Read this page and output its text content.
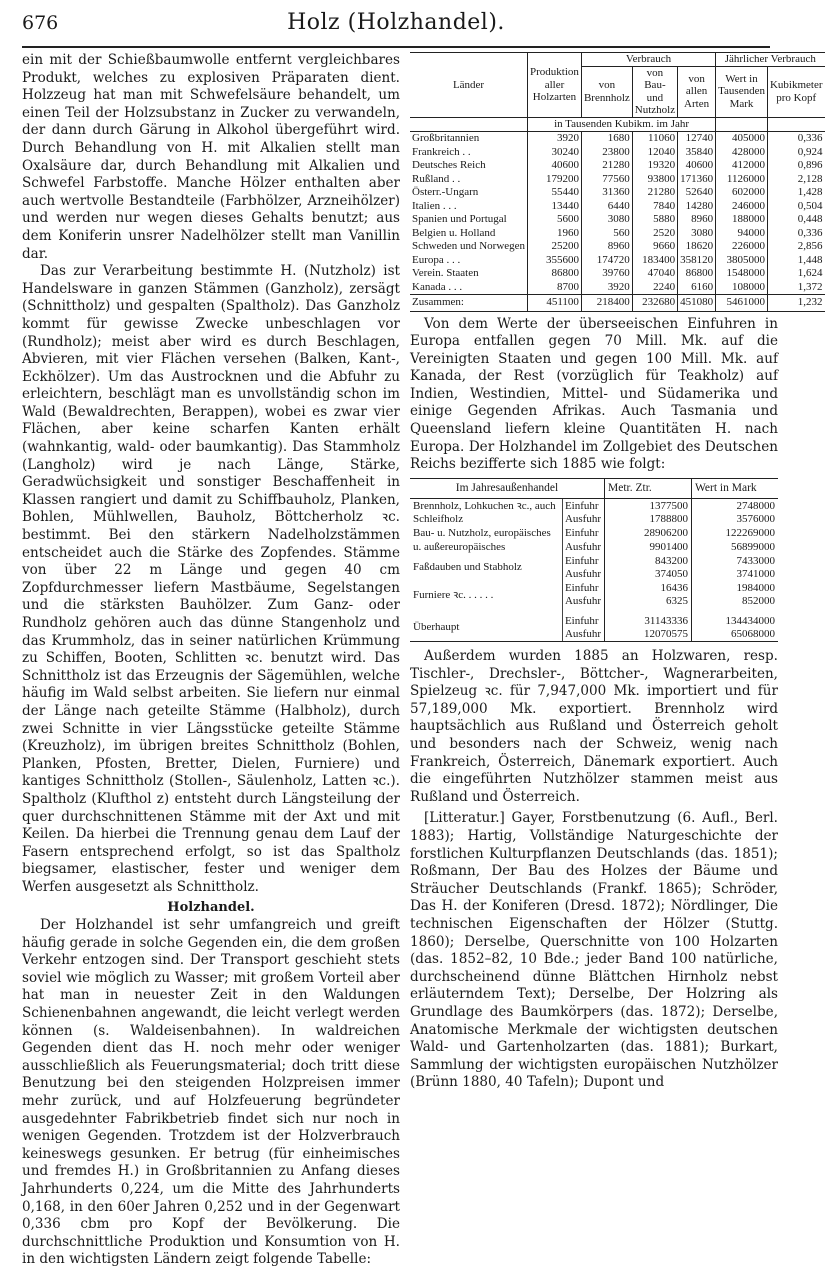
676	Holz (Holzhandel).

ein mit der Schießbaumwolle entfernt vergleichbares Produkt, welches zu explosiven Präparaten dient. Holzzeug hat man mit Schwefelsäure behandelt, um einen Teil der Holzsubstanz in Zucker zu verwandeln, der dann durch Gärung in Alkohol übergeführt wird. Durch Behandlung von H. mit Alkalien stellt man Oxalsäure dar, durch Behandlung mit Alkalien und Schwefel Farbstoffe. Manche Hölzer enthalten aber auch wertvolle Bestandteile (Farbhölzer, Arzneihölzer) und werden nur wegen dieses Gehalts benutzt; aus dem Koniferin unsrer Nadelhölzer stellt man Vanillin dar.

Das zur Verarbeitung bestimmte H. (Nutzholz) ist Handelsware in ganzen Stämmen (Ganzholz), zersägt (Schnittholz) und gespalten (Spaltholz). Das Ganzholz kommt für gewisse Zwecke unbeschlagen vor (Rundholz); meist aber wird es durch Beschlagen, Abvieren, mit vier Flächen versehen (Balken, Kant-, Eckhölzer). Um das Austrocknen und die Abfuhr zu erleichtern, beschlägt man es unvollständig schon im Wald (Bewaldrechten, Berappen), wobei es zwar vier Flächen, aber keine scharfen Kanten erhält (wahnkantig, wald- oder baumkantig). Das Stammholz (Langholz) wird je nach Länge, Stärke, Geradwüchsigkeit und sonstiger Beschaffenheit in Klassen rangiert und damit zu Schiffbauholz, Planken, Bohlen, Mühlwellen, Bauholz, Böttcherholz ꝛc. bestimmt. Bei den stärkern Nadelholzstämmen entscheidet auch die Stärke des Zopfendes. Stämme von über 22 m Länge und gegen 40 cm Zopfdurchmesser liefern Mastbäume, Segelstangen und die stärksten Bauhölzer. Zum Ganz- oder Rundholz gehören auch das dünne Stangenholz und das Krummholz, das in seiner natürlichen Krümmung zu Schiffen, Booten, Schlitten ꝛc. benutzt wird. Das Schnittholz ist das Erzeugnis der Sägemühlen, welche häufig im Wald selbst arbeiten. Sie liefern nur einmal der Länge nach geteilte Stämme (Halbholz), durch zwei Schnitte in vier Längsstücke geteilte Stämme (Kreuzholz), im übrigen breites Schnittholz (Bohlen, Planken, Pfosten, Bretter, Dielen, Furniere) und kantiges Schnittholz (Stollen-, Säulenholz, Latten ꝛc.). Spaltholz (Klufthol z) entsteht durch Längsteilung der quer durchschnittenen Stämme mit der Axt und mit Keilen. Da hierbei die Trennung genau dem Lauf der Fasern entsprechend erfolgt, so ist das Spaltholz biegsamer, elastischer, fester und weniger dem Werfen ausgesetzt als Schnittholz.

Holzhandel.

Der Holzhandel ist sehr umfangreich und greift häufig gerade in solche Gegenden ein, die dem großen Verkehr entzogen sind. Der Transport geschieht stets soviel wie möglich zu Wasser; mit großem Vorteil aber hat man in neuester Zeit in den Waldungen Schienenbahnen angewandt, die leicht verlegt werden können (s. Waldeisenbahnen). In waldreichen Gegenden dient das H. noch mehr oder weniger ausschließlich als Feuerungsmaterial; doch tritt diese Benutzung bei den steigenden Holzpreisen immer mehr zurück, und auf Holzfeuerung begründeter ausgedehnter Fabrikbetrieb findet sich nur noch in wenigen Gegenden. Trotzdem ist der Holzverbrauch keineswegs gesunken. Er betrug (für einheimisches und fremdes H.) in Großbritannien zu Anfang dieses Jahrhunderts 0,224, um die Mitte des Jahrhunderts 0,168, in den 60er Jahren 0,252 und in der Gegenwart 0,336 cbm pro Kopf der Bevölkerung. Die durchschnittliche Produktion und Konsumtion von H. in den wichtigsten Ländern zeigt folgende Tabelle:

Länder	Produktion aller Holzarten	Verbrauch			Jährlicher Verbrauch	
		von Brennholz	von Bau- und Nutzholz	von allen Arten	Wert in Tausenden Mark	Kubikmeter pro Kopf

	in Tausenden Kubikm. im Jahr					
Großbritannien	3920	1680	11060	12740	405000	0,336
Frankreich . .	30240	23800	12040	35840	428000	0,924
Deutsches Reich	40600	21280	19320	40600	412000	0,896
Rußland . .	179200	77560	93800	171360	1126000	2,128
Österr.-Ungarn	55440	31360	21280	52640	602000	1,428
Italien . . .	13440	6440	7840	14280	246000	0,504
Spanien und Portugal	5600	3080	5880	8960	188000	0,448
Belgien u. Holland	1960	560	2520	3080	94000	0,336
Schweden und Norwegen	25200	8960	9660	18620	226000	2,856
Europa . . .	355600	174720	183400	358120	3805000	1,448
Verein. Staaten	86800	39760	47040	86800	1548000	1,624
Kanada . . .	8700	3920	2240	6160	108000	1,372
Zusammen:	451100	218400	232680	451080	5461000	1,232

Von dem Werte der überseeischen Einfuhren in Europa entfallen gegen 70 Mill. Mk. auf die Vereinigten Staaten und gegen 100 Mill. Mk. auf Kanada, der Rest (vorzüglich für Teakholz) auf Indien, Westindien, Mittel- und Südamerika und einige Gegenden Afrikas. Auch Tasmania und Queensland liefern kleine Quantitäten H. nach Europa. Der Holzhandel im Zollgebiet des Deutschen Reichs bezifferte sich 1885 wie folgt:

Im Jahresaußenhandel		Metr. Ztr.	Wert in Mark
Brennholz, Lohkuchen ꝛc., auch Schleifholz	Einfuhr	1377500	2748000
	Ausfuhr	1788800	3576000
Bau- u. Nutzholz, europäisches u. außereuropäisches	Einfuhr	28906200	122269000
	Ausfuhr	9901400	56899000
Faßdauben und Stabholz	Einfuhr	843200	7433000
	Ausfuhr	374050	3741000
Furniere ꝛc. . . . . .	Einfuhr	16436	1984000
	Ausfuhr	6325	852000
Überhaupt	Einfuhr	31143336	134434000
	Ausfuhr	12070575	65068000

Außerdem wurden 1885 an Holzwaren, resp. Tischler-, Drechsler-, Böttcher-, Wagnerarbeiten, Spielzeug ꝛc. für 7,947,000 Mk. importiert und für 57,189,000 Mk. exportiert. Brennholz wird hauptsächlich aus Rußland und Österreich geholt und besonders nach der Schweiz, wenig nach Frankreich, Österreich, Dänemark exportiert. Auch die eingeführten Nutzhölzer stammen meist aus Rußland und Österreich.

[Litteratur.] Gayer, Forstbenutzung (6. Aufl., Berl. 1883); Hartig, Vollständige Naturgeschichte der forstlichen Kulturpflanzen Deutschlands (das. 1851); Roßmann, Der Bau des Holzes der Bäume und Sträucher Deutschlands (Frankf. 1865); Schröder, Das H. der Koniferen (Dresd. 1872); Nördlinger, Die technischen Eigenschaften der Hölzer (Stuttg. 1860); Derselbe, Querschnitte von 100 Holzarten (das. 1852–82, 10 Bde.; jeder Band 100 natürliche, durchscheinend dünne Blättchen Hirnholz nebst erläuterndem Text); Derselbe, Der Holzring als Grundlage des Baumkörpers (das. 1872); Derselbe, Anatomische Merkmale der wichtigsten deutschen Wald- und Gartenholzarten (das. 1881); Burkart, Sammlung der wichtigsten europäischen Nutzhölzer (Brünn 1880, 40 Tafeln); Dupont und
